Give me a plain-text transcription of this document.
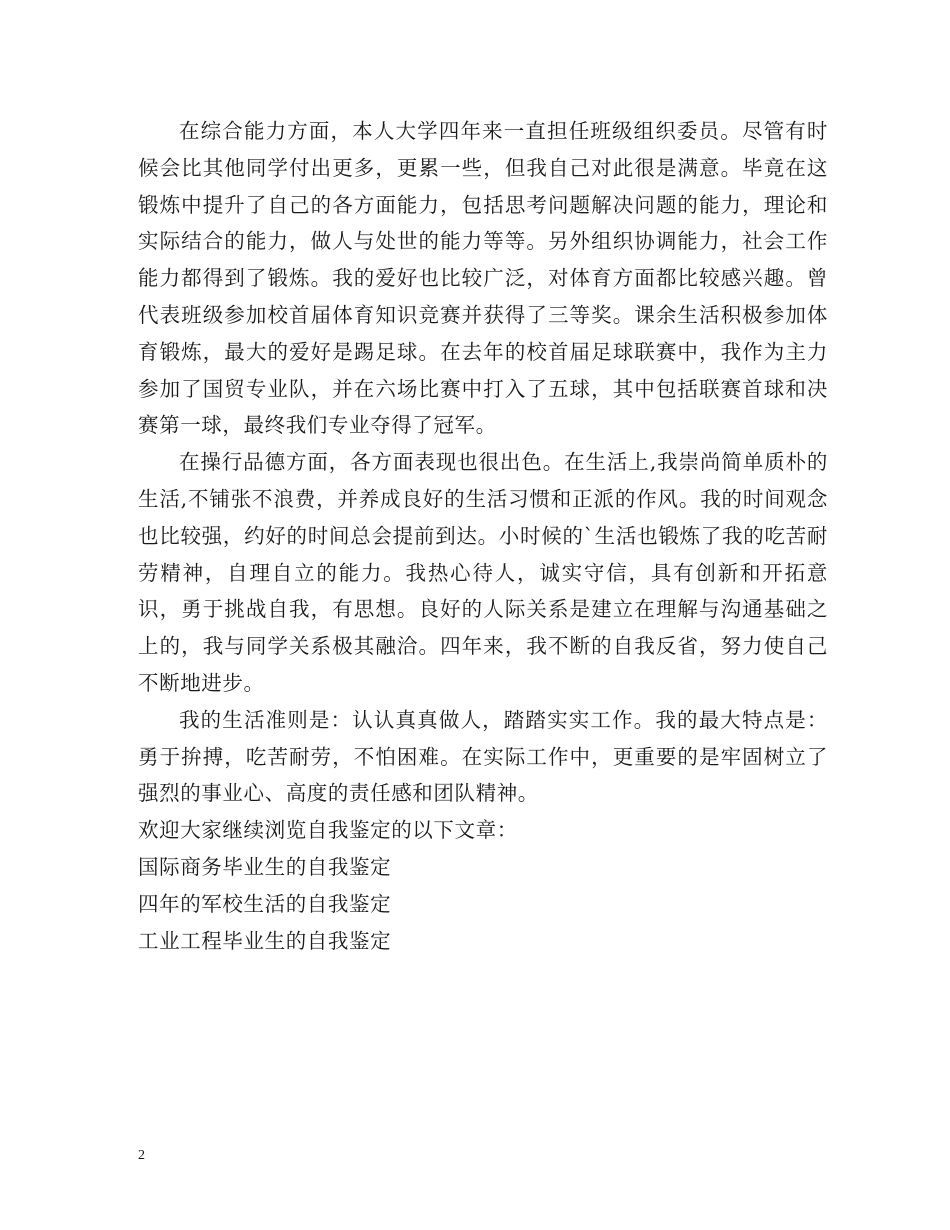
在综合能力方面，本人大学四年来一直担任班级组织委员。尽管有时候会比其他同学付出更多，更累一些，但我自己对此很是满意。毕竟在这锻炼中提升了自己的各方面能力，包括思考问题解决问题的能力，理论和实际结合的能力，做人与处世的能力等等。另外组织协调能力，社会工作能力都得到了锻炼。我的爱好也比较广泛，对体育方面都比较感兴趣。曾代表班级参加校首届体育知识竞赛并获得了三等奖。课余生活积极参加体育锻炼，最大的爱好是踢足球。在去年的校首届足球联赛中，我作为主力参加了国贸专业队，并在六场比赛中打入了五球，其中包括联赛首球和决赛第一球，最终我们专业夺得了冠军。

在操行品德方面，各方面表现也很出色。在生活上,我崇尚简单质朴的生活,不铺张不浪费，并养成良好的生活习惯和正派的作风。我的时间观念也比较强，约好的时间总会提前到达。小时候的`生活也锻炼了我的吃苦耐劳精神，自理自立的能力。我热心待人，诚实守信，具有创新和开拓意识，勇于挑战自我，有思想。良好的人际关系是建立在理解与沟通基础之上的，我与同学关系极其融洽。四年来，我不断的自我反省，努力使自己不断地进步。

我的生活准则是：认认真真做人，踏踏实实工作。我的最大特点是：勇于拚搏，吃苦耐劳，不怕困难。在实际工作中，更重要的是牢固树立了强烈的事业心、高度的责任感和团队精神。

欢迎大家继续浏览自我鉴定的以下文章：

国际商务毕业生的自我鉴定
四年的军校生活的自我鉴定
工业工程毕业生的自我鉴定
2
